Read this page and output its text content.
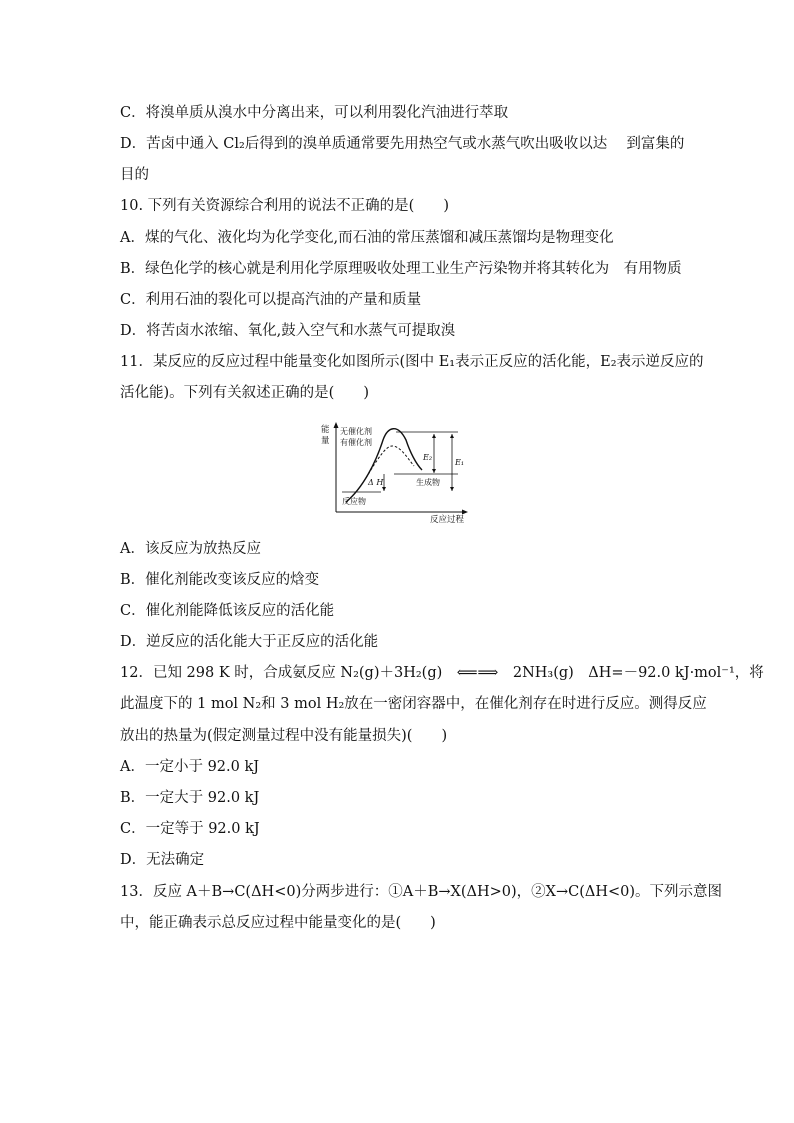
C．将溴单质从溴水中分离出来，可以利用裂化汽油进行萃取
D．苦卤中通入 Cl₂后得到的溴单质通常要先用热空气或水蒸气吹出吸收以达　 到富集的
目的
10. 下列有关资源综合利用的说法不正确的是(　　)
A．煤的气化、液化均为化学变化,而石油的常压蒸馏和减压蒸馏均是物理变化
B．绿色化学的核心就是利用化学原理吸收处理工业生产污染物并将其转化为　有用物质
C．利用石油的裂化可以提高汽油的产量和质量
D．将苦卤水浓缩、氧化,鼓入空气和水蒸气可提取溴
11．某反应的反应过程中能量变化如图所示(图中 E₁表示正反应的活化能，E₂表示逆反应的
活化能)。下列有关叙述正确的是(　　)
能
量
反应过程
无催化剂
有催化剂
反应物
生成物
Δ H
E₂
E₁
A．该反应为放热反应
B．催化剂能改变该反应的焓变
C．催化剂能降低该反应的活化能
D．逆反应的活化能大于正反应的活化能
12．已知 298 K 时，合成氨反应 N₂(g)＋3H₂(g)　⟸⟹　2NH₃(g)　ΔH=－92.0 kJ·mol⁻¹，将
此温度下的 1 mol N₂和 3 mol H₂放在一密闭容器中，在催化剂存在时进行反应。测得反应
放出的热量为(假定测量过程中没有能量损失)(　　)
A．一定小于 92.0 kJ
B．一定大于 92.0 kJ
C．一定等于 92.0 kJ
D．无法确定
13．反应 A＋B→C(ΔH<0)分两步进行：①A＋B→X(ΔH>0)，②X→C(ΔH<0)。下列示意图
中，能正确表示总反应过程中能量变化的是(　　)
